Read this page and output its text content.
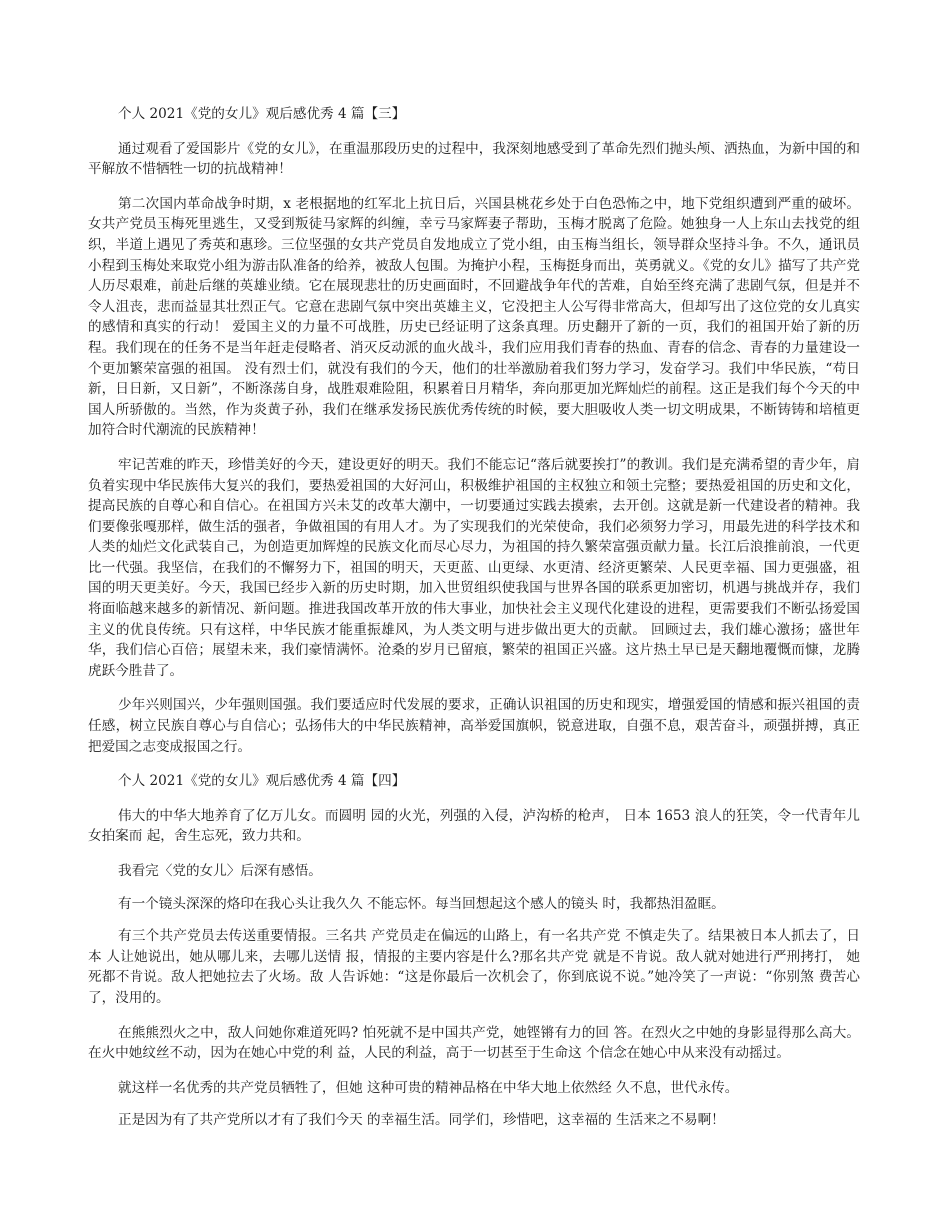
个人 2021《党的女儿》观后感优秀 4 篇【三】

通过观看了爱国影片《党的女儿》，在重温那段历史的过程中，我深刻地感受到了革命先烈们抛头颅、洒热血，为新中国的和平解放不惜牺牲一切的抗战精神！

第二次国内革命战争时期，x 老根据地的红军北上抗日后，兴国县桃花乡处于白色恐怖之中，地下党组织遭到严重的破坏。女共产党员玉梅死里逃生，又受到叛徒马家辉的纠缠，幸亏马家辉妻子帮助，玉梅才脱离了危险。她独身一人上东山去找党的组织，半道上遇见了秀英和惠珍。三位坚强的女共产党员自发地成立了党小组，由玉梅当组长，领导群众坚持斗争。不久，通讯员小程到玉梅处来取党小组为游击队准备的给养，被敌人包围。为掩护小程，玉梅挺身而出，英勇就义。《党的女儿》描写了共产党人历尽艰难，前赴后继的英雄业绩。它在展现悲壮的历史画面时，不回避战争年代的苦难，自始至终充满了悲剧气氛，但是并不令人沮丧，悲而益显其壮烈正气。它意在悲剧气氛中突出英雄主义，它没把主人公写得非常高大，但却写出了这位党的女儿真实的感情和真实的行动！ 爱国主义的力量不可战胜，历史已经证明了这条真理。历史翻开了新的一页，我们的祖国开始了新的历程。我们现在的任务不是当年赶走侵略者、消灭反动派的血火战斗，我们应用我们青春的热血、青春的信念、青春的力量建设一个更加繁荣富强的祖国。 没有烈士们，就没有我们的今天，他们的壮举激励着我们努力学习，发奋学习。我们中华民族，“苟日新，日日新，又日新”，不断涤荡自身，战胜艰难险阻，积累着日月精华，奔向那更加光辉灿烂的前程。这正是我们每个今天的中国人所骄傲的。当然，作为炎黄子孙，我们在继承发扬民族优秀传统的时候，要大胆吸收人类一切文明成果，不断铸铸和培植更加符合时代潮流的民族精神！

牢记苦难的昨天，珍惜美好的今天，建设更好的明天。我们不能忘记“落后就要挨打”的教训。我们是充满希望的青少年，肩负着实现中华民族伟大复兴的我们，要热爱祖国的大好河山，积极维护祖国的主权独立和领土完整；要热爱祖国的历史和文化，提高民族的自尊心和自信心。在祖国方兴未艾的改革大潮中，一切要通过实践去摸索，去开创。这就是新一代建设者的精神。我们要像张嘎那样，做生活的强者，争做祖国的有用人才。为了实现我们的光荣使命，我们必须努力学习，用最先进的科学技术和人类的灿烂文化武装自己，为创造更加辉煌的民族文化而尽心尽力，为祖国的持久繁荣富强贡献力量。长江后浪推前浪，一代更比一代强。我坚信，在我们的不懈努力下，祖国的明天，天更蓝、山更绿、水更清、经济更繁荣、人民更幸福、国力更强盛，祖国的明天更美好。今天，我国已经步入新的历史时期，加入世贸组织使我国与世界各国的联系更加密切，机遇与挑战并存，我们将面临越来越多的新情况、新问题。推进我国改革开放的伟大事业，加快社会主义现代化建设的进程，更需要我们不断弘扬爱国主义的优良传统。只有这样，中华民族才能重振雄风，为人类文明与进步做出更大的贡献。 回顾过去，我们雄心激扬；盛世年华，我们信心百倍；展望未来，我们豪情满怀。沧桑的岁月已留痕，繁荣的祖国正兴盛。这片热土早已是天翻地覆慨而慷，龙腾虎跃今胜昔了。

少年兴则国兴，少年强则国强。我们要适应时代发展的要求，正确认识祖国的历史和现实，增强爱国的情感和振兴祖国的责任感，树立民族自尊心与自信心；弘扬伟大的中华民族精神，高举爱国旗帜，锐意进取，自强不息，艰苦奋斗，顽强拼搏，真正把爱国之志变成报国之行。

个人 2021《党的女儿》观后感优秀 4 篇【四】

伟大的中华大地养育了亿万儿女。而圆明 园的火光，列强的入侵，泸沟桥的枪声， 日本 1653 浪人的狂笑，令一代青年儿女拍案而 起，舍生忘死，致力共和。

我看完〈党的女儿〉后深有感悟。

有一个镜头深深的烙印在我心头让我久久 不能忘怀。每当回想起这个感人的镜头 时，我都热泪盈眶。

有三个共产党员去传送重要情报。三名共 产党员走在偏远的山路上，有一名共产党 不慎走失了。结果被日本人抓去了，日本 人让她说出，她从哪儿来，去哪儿送情 报，情报的主要内容是什么?那名共产党 就是不肯说。敌人就对她进行严刑拷打， 她死都不肯说。敌人把她拉去了火场。敌 人告诉她：“这是你最后一次机会了，你到底说不说。”她冷笑了一声说：“你别煞 费苦心了，没用的。

在熊熊烈火之中，敌人问她你难道死吗? 怕死就不是中国共产党，她铿锵有力的回 答。在烈火之中她的身影显得那么高大。 在火中她纹丝不动，因为在她心中党的利 益，人民的利益，高于一切甚至于生命这 个信念在她心中从来没有动摇过。

就这样一名优秀的共产党员牺牲了，但她 这种可贵的精神品格在中华大地上依然经 久不息，世代永传。

正是因为有了共产党所以才有了我们今天 的幸福生活。同学们，珍惜吧，这幸福的 生活来之不易啊！
